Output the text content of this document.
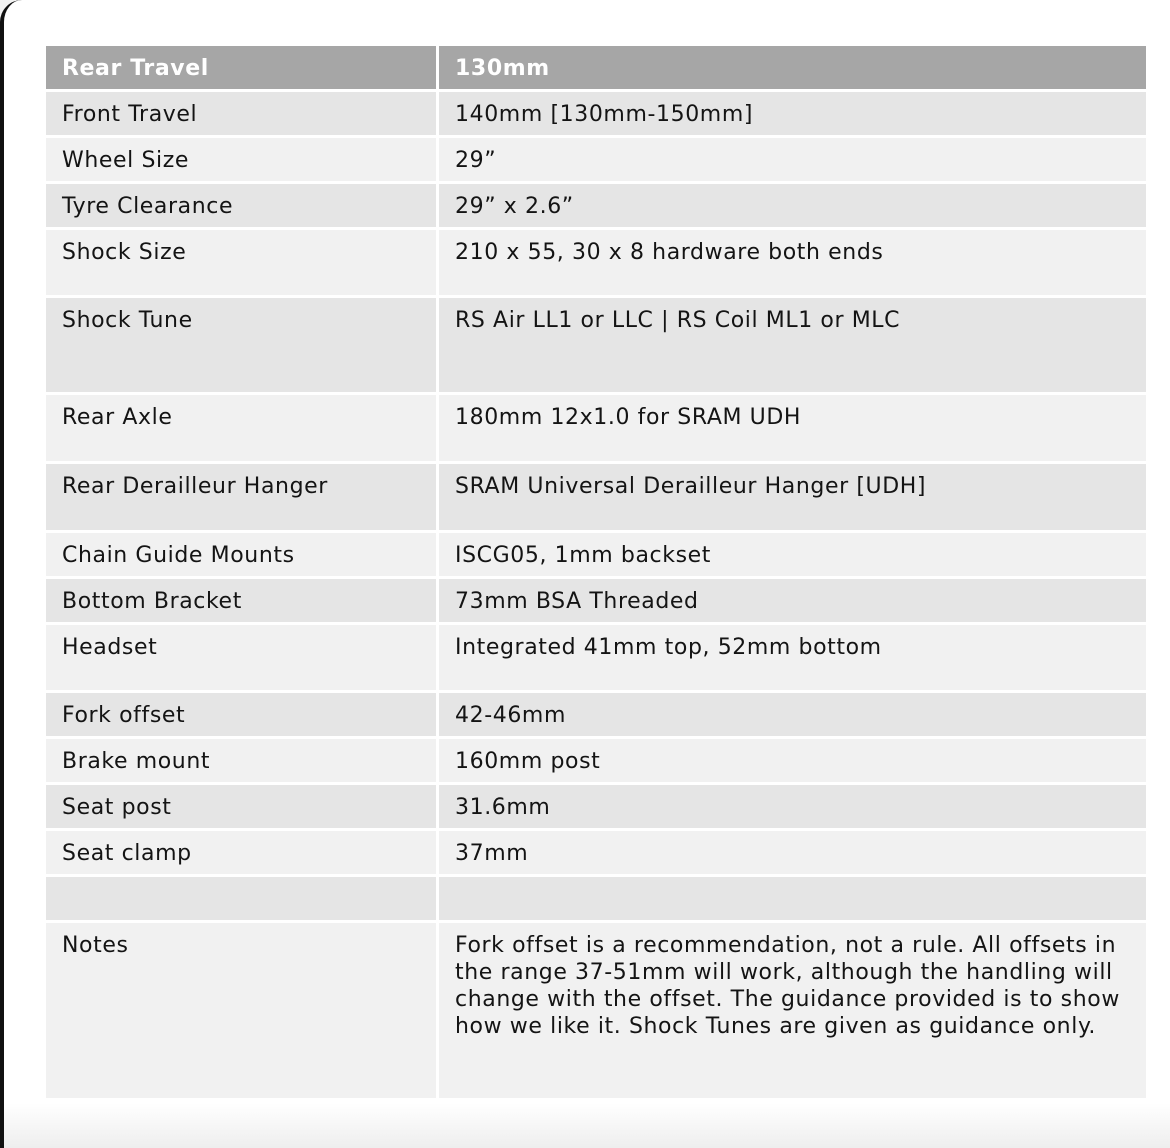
Rear Travel	130mm
Front Travel	140mm [130mm-150mm]
Wheel Size	29”
Tyre Clearance	29” x 2.6”
Shock Size	210 x 55, 30 x 8 hardware both ends
Shock Tune	RS Air LL1 or LLC | RS Coil ML1 or MLC
Rear Axle	180mm 12x1.0 for SRAM UDH
Rear Derailleur Hanger	SRAM Universal Derailleur Hanger [UDH]
Chain Guide Mounts	ISCG05, 1mm backset
Bottom Bracket	73mm BSA Threaded
Headset	Integrated 41mm top, 52mm bottom
Fork offset	42-46mm
Brake mount	160mm post
Seat post	31.6mm
Seat clamp	37mm

Notes	Fork offset is a recommendation, not a rule. All offsets in the range 37-51mm will work, although the handling will change with the offset. The guidance provided is to show how we like it. Shock Tunes are given as guidance only.
